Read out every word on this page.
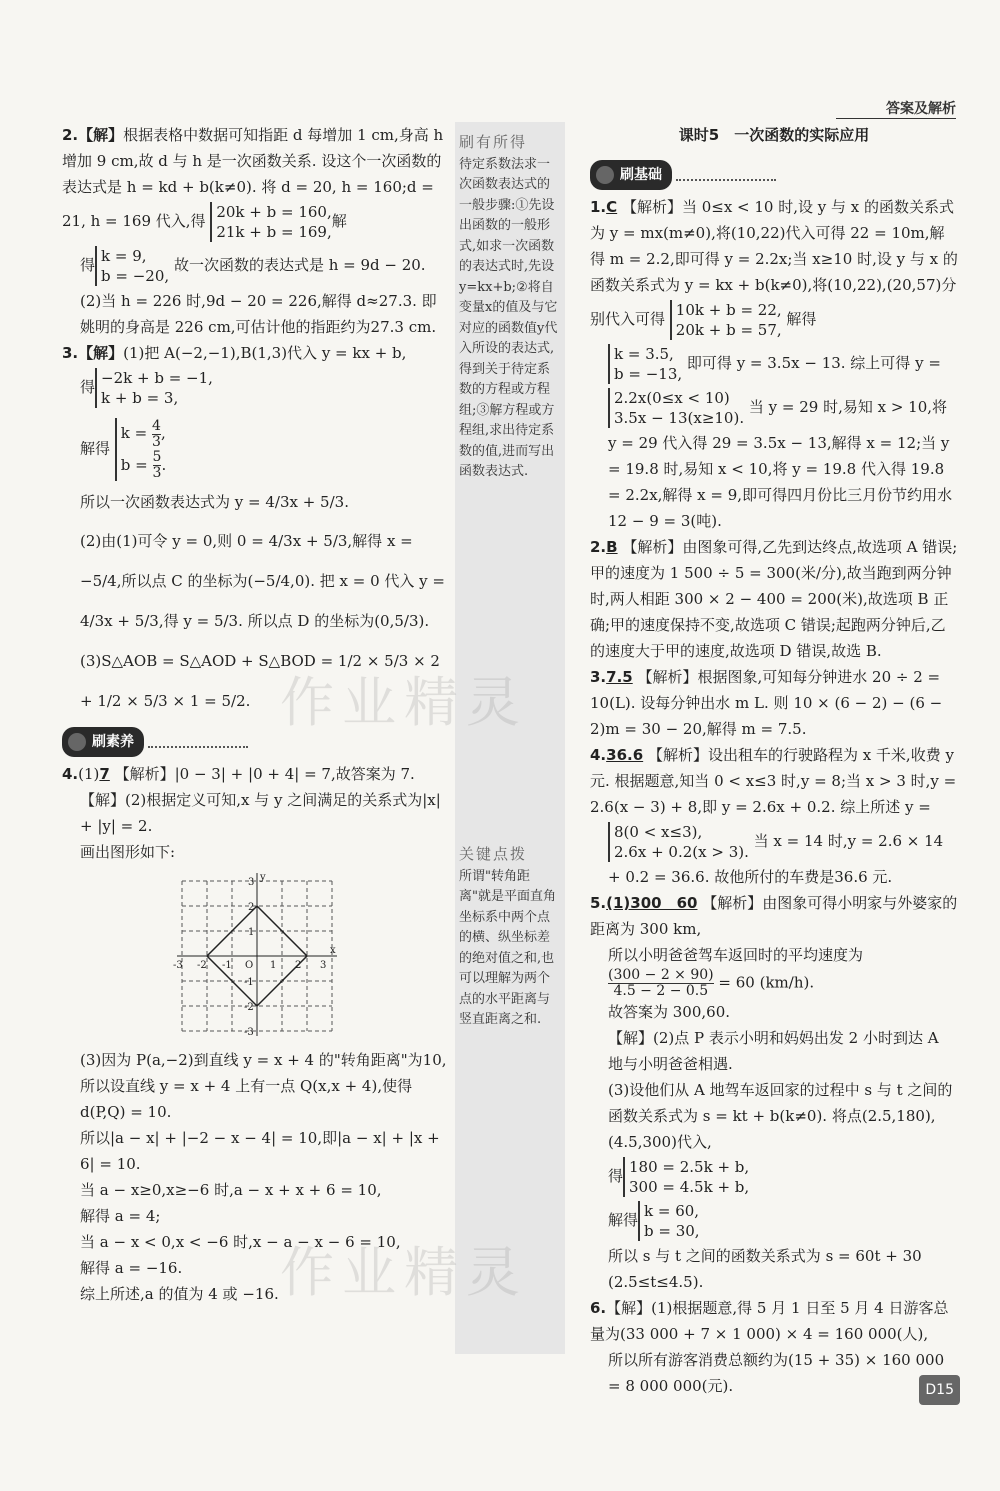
答案及解析

2.【解】根据表格中数据可知指距 d 每增加 1 cm,身高 h 增加 9 cm,故 d 与 h 是一次函数关系. 设这个一次函数的表达式是 h = kd + b(k≠0). 将 d = 20, h = 160;d = 21, h = 169 代入,得 20k + b = 160,
21k + b = 169,解

得 k = 9,
b = −20, 故一次函数的表达式是 h = 9d − 20.

(2)当 h = 226 时,9d − 20 = 226,解得 d≈27.3. 即姚明的身高是 226 cm,可估计他的指距约为27.3 cm.

3.【解】(1)把 A(−2,−1),B(1,3)代入 y = kx + b,

得 −2k + b = −1,
k + b = 3,

解得 $k = \frac{4}{3}$ ,
$b = \frac{5}{3}$ .

所以一次函数表达式为 y = 4/3x + 5/3.

(2)由(1)可令 y = 0,则 0 = 4/3x + 5/3,解得 x = −5/4,所以点 C 的坐标为(−5/4,0). 把 x = 0 代入 y = 4/3x + 5/3,得 y = 5/3. 所以点 D 的坐标为(0,5/3).

(3)S△AOB = S△AOD + S△BOD = 1/2 × 5/3 × 2 + 1/2 × 5/3 × 1 = 5/2.

刷素养

4.(1)7 【解析】|0 − 3| + |0 + 4| = 7,故答案为 7.

【解】(2)根据定义可知,x 与 y 之间满足的关系式为|x| + |y| = 2.

画出图形如下:

y
x
O
-3 -2 -1	1 2 3
3
2
1
-1
-2
-3

(3)因为 P(a,−2)到直线 y = x + 4 的"转角距离"为10,

所以设直线 y = x + 4 上有一点 Q(x,x + 4),使得 d(P,Q) = 10.

所以|a − x| + |−2 − x − 4| = 10,即|a − x| + |x + 6| = 10.

当 a − x≥0,x≥−6 时,a − x + x + 6 = 10,

解得 a = 4;

当 a − x < 0,x < −6 时,x − a − x − 6 = 10,

解得 a = −16.

综上所述,a 的值为 4 或 −16.

刷有所得
待定系数法求一次函数表达式的一般步骤:①先设出函数的一般形式,如求一次函数的表达式时,先设y=kx+b;②将自变量x的值及与它对应的函数值y代入所设的表达式,得到关于待定系数的方程或方程组;③解方程或方程组,求出待定系数的值,进而写出函数表达式.
关键点拨
所谓"转角距离"就是平面直角坐标系中两个点的横、纵坐标差的绝对值之和,也可以理解为两个点的水平距离与竖直距离之和.
课时5　一次函数的实际应用
刷基础

1.C 【解析】当 0≤x < 10 时,设 y 与 x 的函数关系式为 y = mx(m≠0),将(10,22)代入可得 22 = 10m,解得 m = 2.2,即可得 y = 2.2x;当 x≥10 时,设 y 与 x 的函数关系式为 y = kx + b(k≠0),将(10,22),(20,57)分别代入可得 10k + b = 22,
20k + b = 57, 解得

k = 3.5,
b = −13, 即可得 y = 3.5x − 13. 综上可得 y =

2.2x(0≤x < 10)
3.5x − 13(x≥10). 当 y = 29 时,易知 x > 10,将 y = 29 代入得 29 = 3.5x − 13,解得 x = 12;当 y = 19.8 时,易知 x < 10,将 y = 19.8 代入得 19.8 = 2.2x,解得 x = 9,即可得四月份比三月份节约用水 12 − 9 = 3(吨).

2.B 【解析】由图象可得,乙先到达终点,故选项 A 错误;甲的速度为 1 500 ÷ 5 = 300(米/分),故当跑到两分钟时,两人相距 300 × 2 − 400 = 200(米),故选项 B 正确;甲的速度保持不变,故选项 C 错误;起跑两分钟后,乙的速度大于甲的速度,故选项 D 错误,故选 B.

3.7.5 【解析】根据图象,可知每分钟进水 20 ÷ 2 = 10(L). 设每分钟出水 m L. 则 10 × (6 − 2) − (6 − 2)m = 30 − 20,解得 m = 7.5.

4.36.6 【解析】设出租车的行驶路程为 x 千米,收费 y 元. 根据题意,知当 0 < x≤3 时,y = 8;当 x > 3 时,y = 2.6(x − 3) + 8,即 y = 2.6x + 0.2. 综上所述 y =

8(0 < x≤3),
2.6x + 0.2(x > 3). 当 x = 14 时,y = 2.6 × 14 + 0.2 = 36.6. 故他所付的车费是36.6 元.

5.(1)300　60 【解析】由图象可得小明家与外婆家的距离为 300 km,

所以小明爸爸驾车返回时的平均速度为

$\frac{(300 - 2 \times 90)}{4.5 - 2 - 0.5} = 60$ (km/h).

故答案为 300,60.

【解】(2)点 P 表示小明和妈妈出发 2 小时到达 A 地与小明爸爸相遇.

(3)设他们从 A 地驾车返回家的过程中 s 与 t 之间的函数关系式为 s = kt + b(k≠0). 将点(2.5,180),(4.5,300)代入,

得 180 = 2.5k + b,
300 = 4.5k + b,

解得 k = 60,
b = 30,

所以 s 与 t 之间的函数关系式为 s = 60t + 30 (2.5≤t≤4.5).

6.【解】(1)根据题意,得 5 月 1 日至 5 月 4 日游客总量为(33 000 + 7 × 1 000) × 4 = 160 000(人),

所以所有游客消费总额约为(15 + 35) × 160 000 = 8 000 000(元).	D15
作业精灵
作业精灵
